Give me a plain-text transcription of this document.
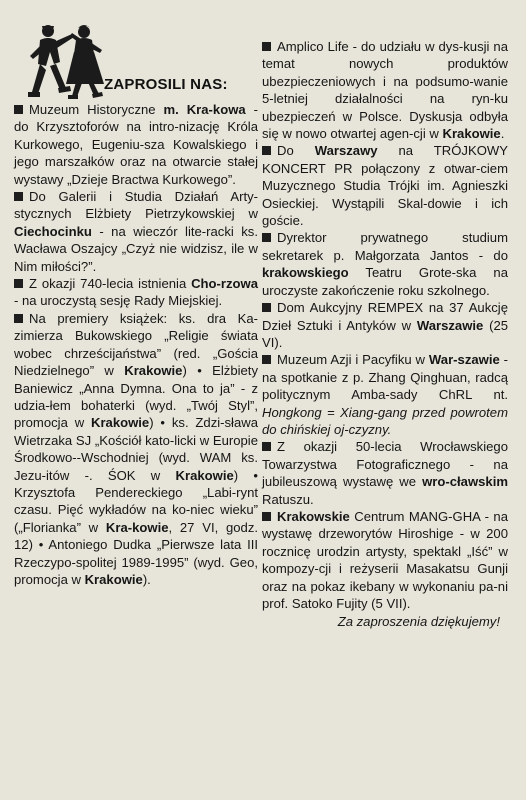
ZAPROSILI NAS:
Muzeum Historyczne m. Kra-kowa - do Krzysztoforów na intro-nizację Króla Kurkowego, Eugeniu-sza Kowalskiego i jego marszałków oraz na otwarcie stałej wystawy „Dzieje Bractwa Kurkowego”.
Do Galerii i Studia Działań Arty-stycznych Elżbiety Pietrzykowskiej w Ciechocinku - na wieczór lite-racki ks. Wacława Oszajcy „Czyż nie widzisz, ile w Nim miłości?”.
Z okazji 740-lecia istnienia Cho-rzowa - na uroczystą sesję Rady Miejskiej.
Na premiery książek: ks. dra Ka-zimierza Bukowskiego „Religie świata wobec chrześcijaństwa” (red. „Gościa Niedzielnego” w Krakowie) • Elżbiety Baniewicz „Anna Dymna. Ona to ja” - z udzia-łem bohaterki (wyd. „Twój Styl”, promocja w Krakowie) • ks. Zdzi-sława Wietrzaka SJ „Kościół kato-licki w Europie Środkowo--Wschodniej (wyd. WAM ks. Jezu-itów -. ŚOK w Krakowie) • Krzysztofa Pendereckiego „Labi-rynt czasu. Pięć wykładów na ko-niec wieku” („Florianka” w Kra-kowie, 27 VI, godz. 12) • Antoniego Dudka „Pierwsze lata III Rzeczypo-spolitej 1989-1995” (wyd. Geo, promocja w Krakowie).
Amplico Life - do udziału w dys-kusji na temat nowych produktów ubezpieczeniowych i na podsumo-wanie 5-letniej działalności na ryn-ku ubezpieczeń w Polsce. Dyskusja odbyła się w nowo otwartej agen-cji w Krakowie.
Do Warszawy na TRÓJKOWY KONCERT PR połączony z otwar-ciem Muzycznego Studia Trójki im. Agnieszki Osieckiej. Wystąpili Skal-dowie i ich goście.
Dyrektor prywatnego studium sekretarek p. Małgorzata Jantos - do krakowskiego Teatru Grote-ska na uroczyste zakończenie roku szkolnego.
Dom Aukcyjny REMPEX na 37 Aukcję Dzieł Sztuki i Antyków w Warszawie (25 VI).
Muzeum Azji i Pacyfiku w War-szawie - na spotkanie z p. Zhang Qinghuan, radcą politycznym Amba-sady ChRL nt. Hongkong = Xiang-gang przed powrotem do chińskiej oj-czyzny.
Z okazji 50-lecia Wrocławskiego Towarzystwa Fotograficznego - na jubileuszową wystawę we wro-cławskim Ratuszu.
Krakowskie Centrum MANG-GHA - na wystawę drzeworytów Hiroshige - w 200 rocznicę urodzin artysty, spektakl „Iść” w kompozy-cji i reżyserii Masakatsu Gunji oraz na pokaz ikebany w wykonaniu pa-ni prof. Satoko Fujity (5 VII).
Za zaproszenia dziękujemy!
